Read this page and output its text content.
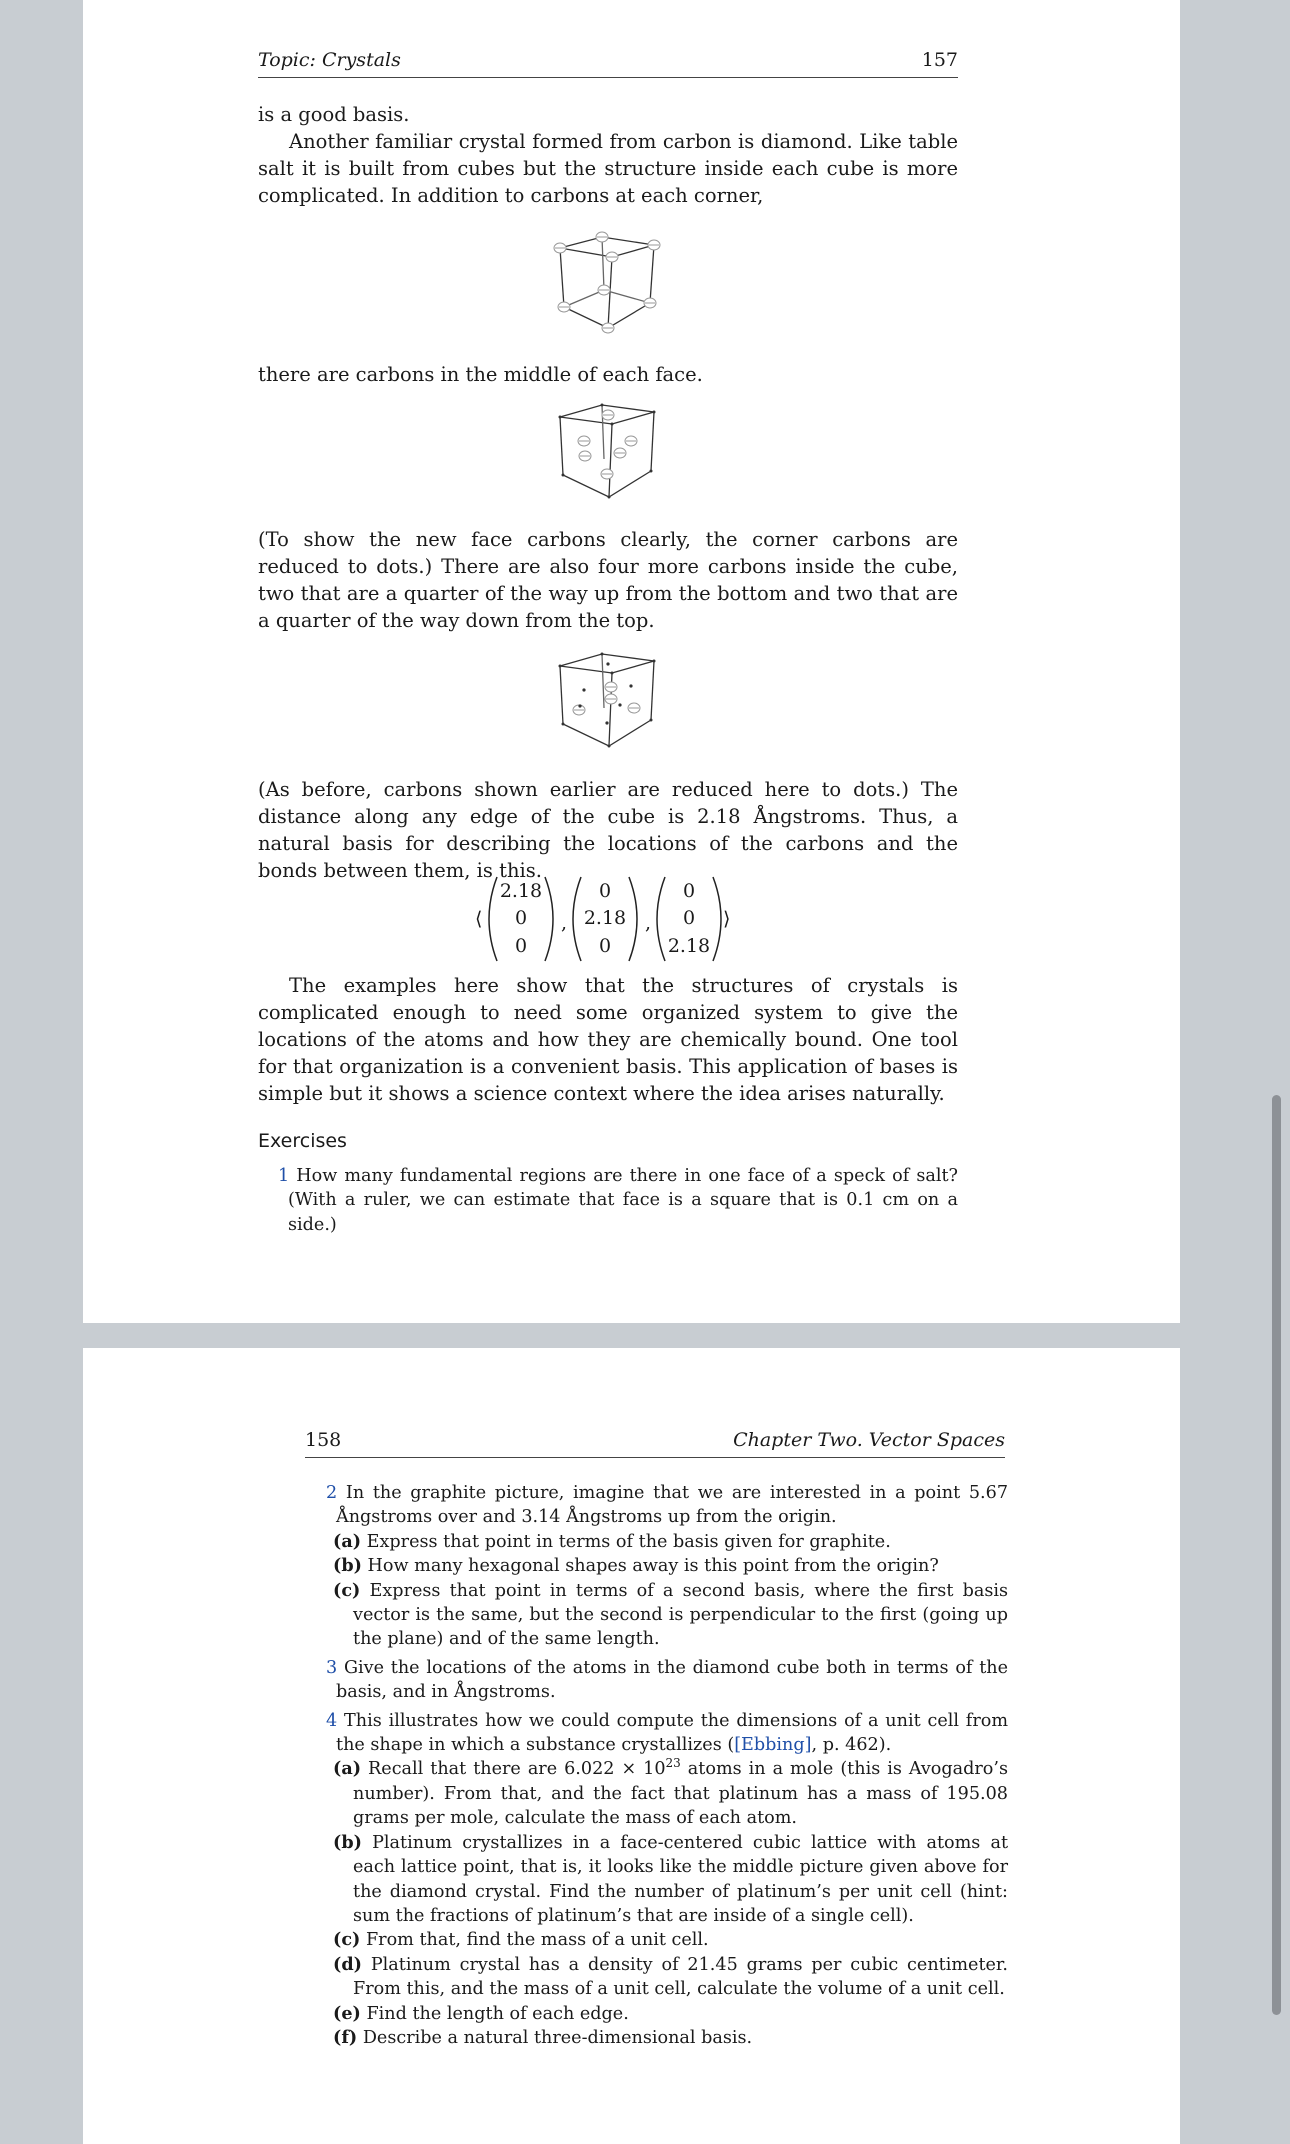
Topic: Crystals	157

is a good basis.

Another familiar crystal formed from carbon is diamond. Like table salt it is built from cubes but the structure inside each cube is more complicated. In addition to carbons at each corner,

there are carbons in the middle of each face.

(To show the new face carbons clearly, the corner carbons are reduced to dots.) There are also four more carbons inside the cube, two that are a quarter of the way up from the bottom and two that are a quarter of the way down from the top.

(As before, carbons shown earlier are reduced here to dots.) The distance along any edge of the cube is 2.18 Ångstroms. Thus, a natural basis for describing the locations of the carbons and the bonds between them, is this.

⟨
2.18
0
0
,
0
2.18
0
,
0
0
2.18
⟩

The examples here show that the structures of crystals is complicated enough to need some organized system to give the locations of the atoms and how they are chemically bound. One tool for that organization is a convenient basis. This application of bases is simple but it shows a science context where the idea arises naturally.

Exercises
1 How many fundamental regions are there in one face of a speck of salt? (With a ruler, we can estimate that face is a square that is 0.1 cm on a side.)
158	Chapter Two. Vector Spaces
2 In the graphite picture, imagine that we are interested in a point 5.67 Ångstroms over and 3.14 Ångstroms up from the origin.
(a) Express that point in terms of the basis given for graphite.
(b) How many hexagonal shapes away is this point from the origin?
(c) Express that point in terms of a second basis, where the first basis vector is the same, but the second is perpendicular to the first (going up the plane) and of the same length.
3 Give the locations of the atoms in the diamond cube both in terms of the basis, and in Ångstroms.
4 This illustrates how we could compute the dimensions of a unit cell from the shape in which a substance crystallizes ([Ebbing], p. 462).
(a) Recall that there are $6.022 \times 10^{23}$ atoms in a mole (this is Avogadro’s number). From that, and the fact that platinum has a mass of 195.08 grams per mole, calculate the mass of each atom.
(b) Platinum crystallizes in a face-centered cubic lattice with atoms at each lattice point, that is, it looks like the middle picture given above for the diamond crystal. Find the number of platinum’s per unit cell (hint: sum the fractions of platinum’s that are inside of a single cell).
(c) From that, find the mass of a unit cell.
(d) Platinum crystal has a density of 21.45 grams per cubic centimeter. From this, and the mass of a unit cell, calculate the volume of a unit cell.
(e) Find the length of each edge.
(f) Describe a natural three-dimensional basis.
